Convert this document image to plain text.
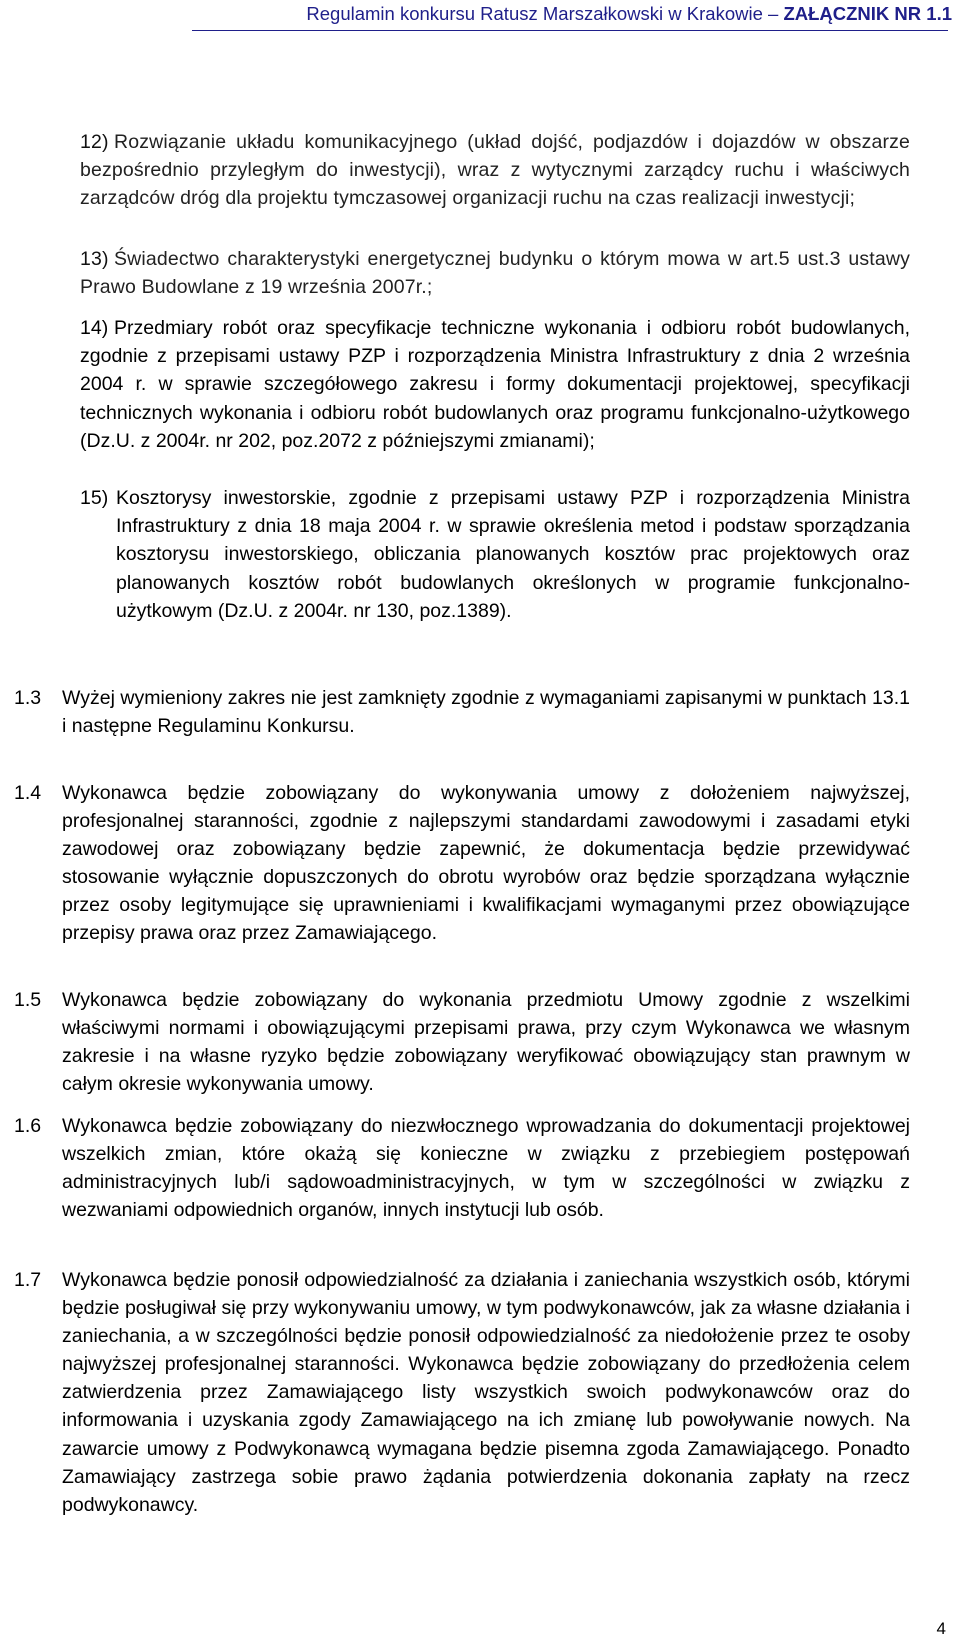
Regulamin konkursu Ratusz Marszałkowski w Krakowie – ZAŁĄCZNIK NR 1.1
12) Rozwiązanie układu komunikacyjnego (układ dojść, podjazdów i dojazdów w obszarze bezpośrednio przyległym do inwestycji), wraz z wytycznymi zarządcy ruchu i właściwych zarządców dróg dla projektu tymczasowej organizacji ruchu na czas realizacji inwestycji;
13) Świadectwo charakterystyki energetycznej budynku o którym mowa w art.5 ust.3 ustawy Prawo Budowlane z 19 września 2007r.;
14) Przedmiary robót oraz specyfikacje techniczne wykonania i odbioru robót budowlanych, zgodnie z przepisami ustawy PZP i rozporządzenia Ministra Infrastruktury z dnia 2 września 2004 r. w sprawie szczegółowego zakresu i formy dokumentacji projektowej, specyfikacji technicznych wykonania i odbioru robót budowlanych oraz programu funkcjonalno-użytkowego (Dz.U. z 2004r. nr 202, poz.2072 z późniejszymi zmianami);
15) Kosztorysy inwestorskie, zgodnie z przepisami ustawy PZP i rozporządzenia Ministra Infrastruktury z dnia 18 maja 2004 r. w sprawie określenia metod i podstaw sporządzania kosztorysu inwestorskiego, obliczania planowanych kosztów prac projektowych oraz planowanych kosztów robót budowlanych określonych w programie funkcjonalno-użytkowym (Dz.U. z 2004r. nr 130, poz.1389).
1.3 Wyżej wymieniony zakres nie jest zamknięty zgodnie z wymaganiami zapisanymi w punktach 13.1 i następne Regulaminu Konkursu.
1.4 Wykonawca będzie zobowiązany do wykonywania umowy z dołożeniem najwyższej, profesjonalnej staranności, zgodnie z najlepszymi standardami zawodowymi i zasadami etyki zawodowej oraz zobowiązany będzie zapewnić, że dokumentacja będzie przewidywać stosowanie wyłącznie dopuszczonych do obrotu wyrobów oraz będzie sporządzana wyłącznie przez osoby legitymujące się uprawnieniami i kwalifikacjami wymaganymi przez obowiązujące przepisy prawa oraz przez Zamawiającego.
1.5 Wykonawca będzie zobowiązany do wykonania przedmiotu Umowy zgodnie z wszelkimi właściwymi normami i obowiązującymi przepisami prawa, przy czym Wykonawca we własnym zakresie i na własne ryzyko będzie zobowiązany weryfikować obowiązujący stan prawnym w całym okresie wykonywania umowy.
1.6 Wykonawca będzie zobowiązany do niezwłocznego wprowadzania do dokumentacji projektowej wszelkich zmian, które okażą się konieczne w związku z przebiegiem postępowań administracyjnych lub/i sądowoadministracyjnych, w tym w szczególności w związku z wezwaniami odpowiednich organów, innych instytucji lub osób.
1.7 Wykonawca będzie ponosił odpowiedzialność za działania i zaniechania wszystkich osób, którymi będzie posługiwał się przy wykonywaniu umowy, w tym podwykonawców, jak za własne działania i zaniechania, a w szczególności będzie ponosił odpowiedzialność za niedołożenie przez te osoby najwyższej profesjonalnej staranności. Wykonawca będzie zobowiązany do przedłożenia celem zatwierdzenia przez Zamawiającego listy wszystkich swoich podwykonawców oraz do informowania i uzyskania zgody Zamawiającego na ich zmianę lub powoływanie nowych. Na zawarcie umowy z Podwykonawcą wymagana będzie pisemna zgoda Zamawiającego. Ponadto Zamawiający zastrzega sobie prawo żądania potwierdzenia dokonania zapłaty na rzecz podwykonawcy.
4
